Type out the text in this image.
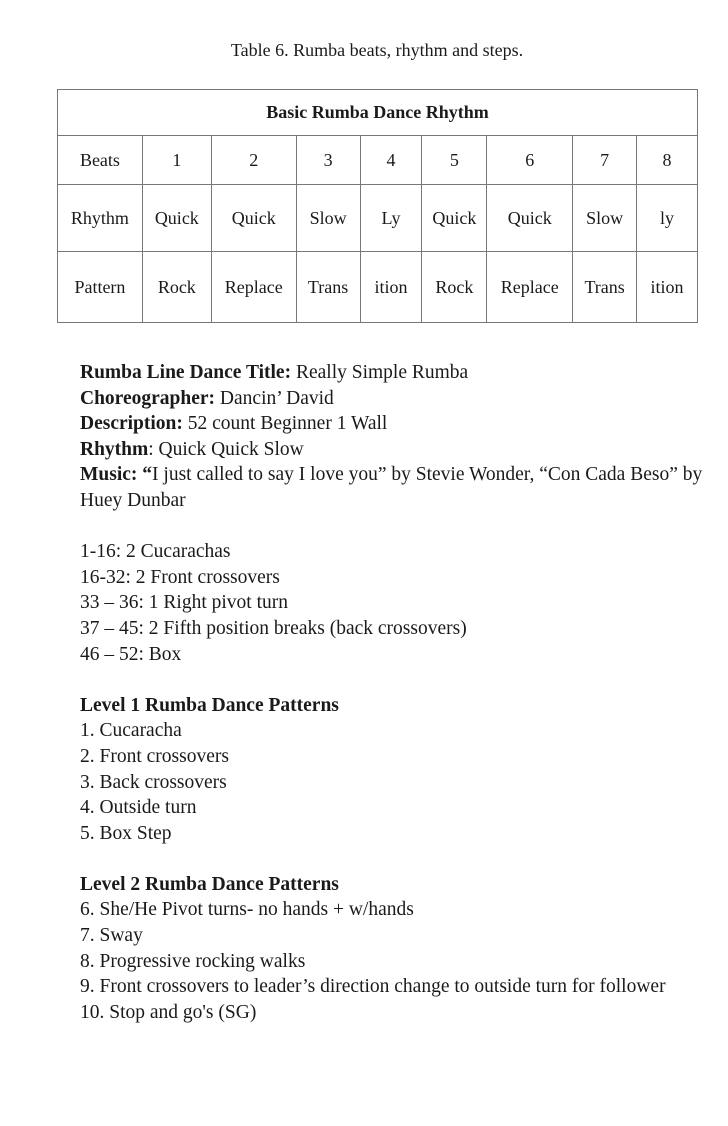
Table 6. Rumba beats, rhythm and steps.
Basic Rumba Dance Rhythm								
Beats	1	2	3	4	5	6	7	8
Rhythm	Quick	Quick	Slow	Ly	Quick	Quick	Slow	ly
Pattern	Rock	Replace	Trans	ition	Rock	Replace	Trans	ition

Rumba Line Dance Title: Really Simple Rumba

Choreographer: Dancin’ David

Description: 52 count Beginner 1 Wall

Rhythm: Quick Quick Slow

Music: “I just called to say I love you” by Stevie Wonder, “Con Cada Beso” by Huey Dunbar

1-16: 2 Cucarachas

16-32: 2 Front crossovers

33 – 36: 1 Right pivot turn

37 – 45: 2 Fifth position breaks (back crossovers)

46 – 52: Box

Level 1 Rumba Dance Patterns

1. Cucaracha

2. Front crossovers

3. Back crossovers

4. Outside turn

5. Box Step

Level 2 Rumba Dance Patterns

6. She/He Pivot turns- no hands + w/hands

7. Sway

8. Progressive rocking walks

9. Front crossovers to leader’s direction change to outside turn for follower

10. Stop and go's (SG)
